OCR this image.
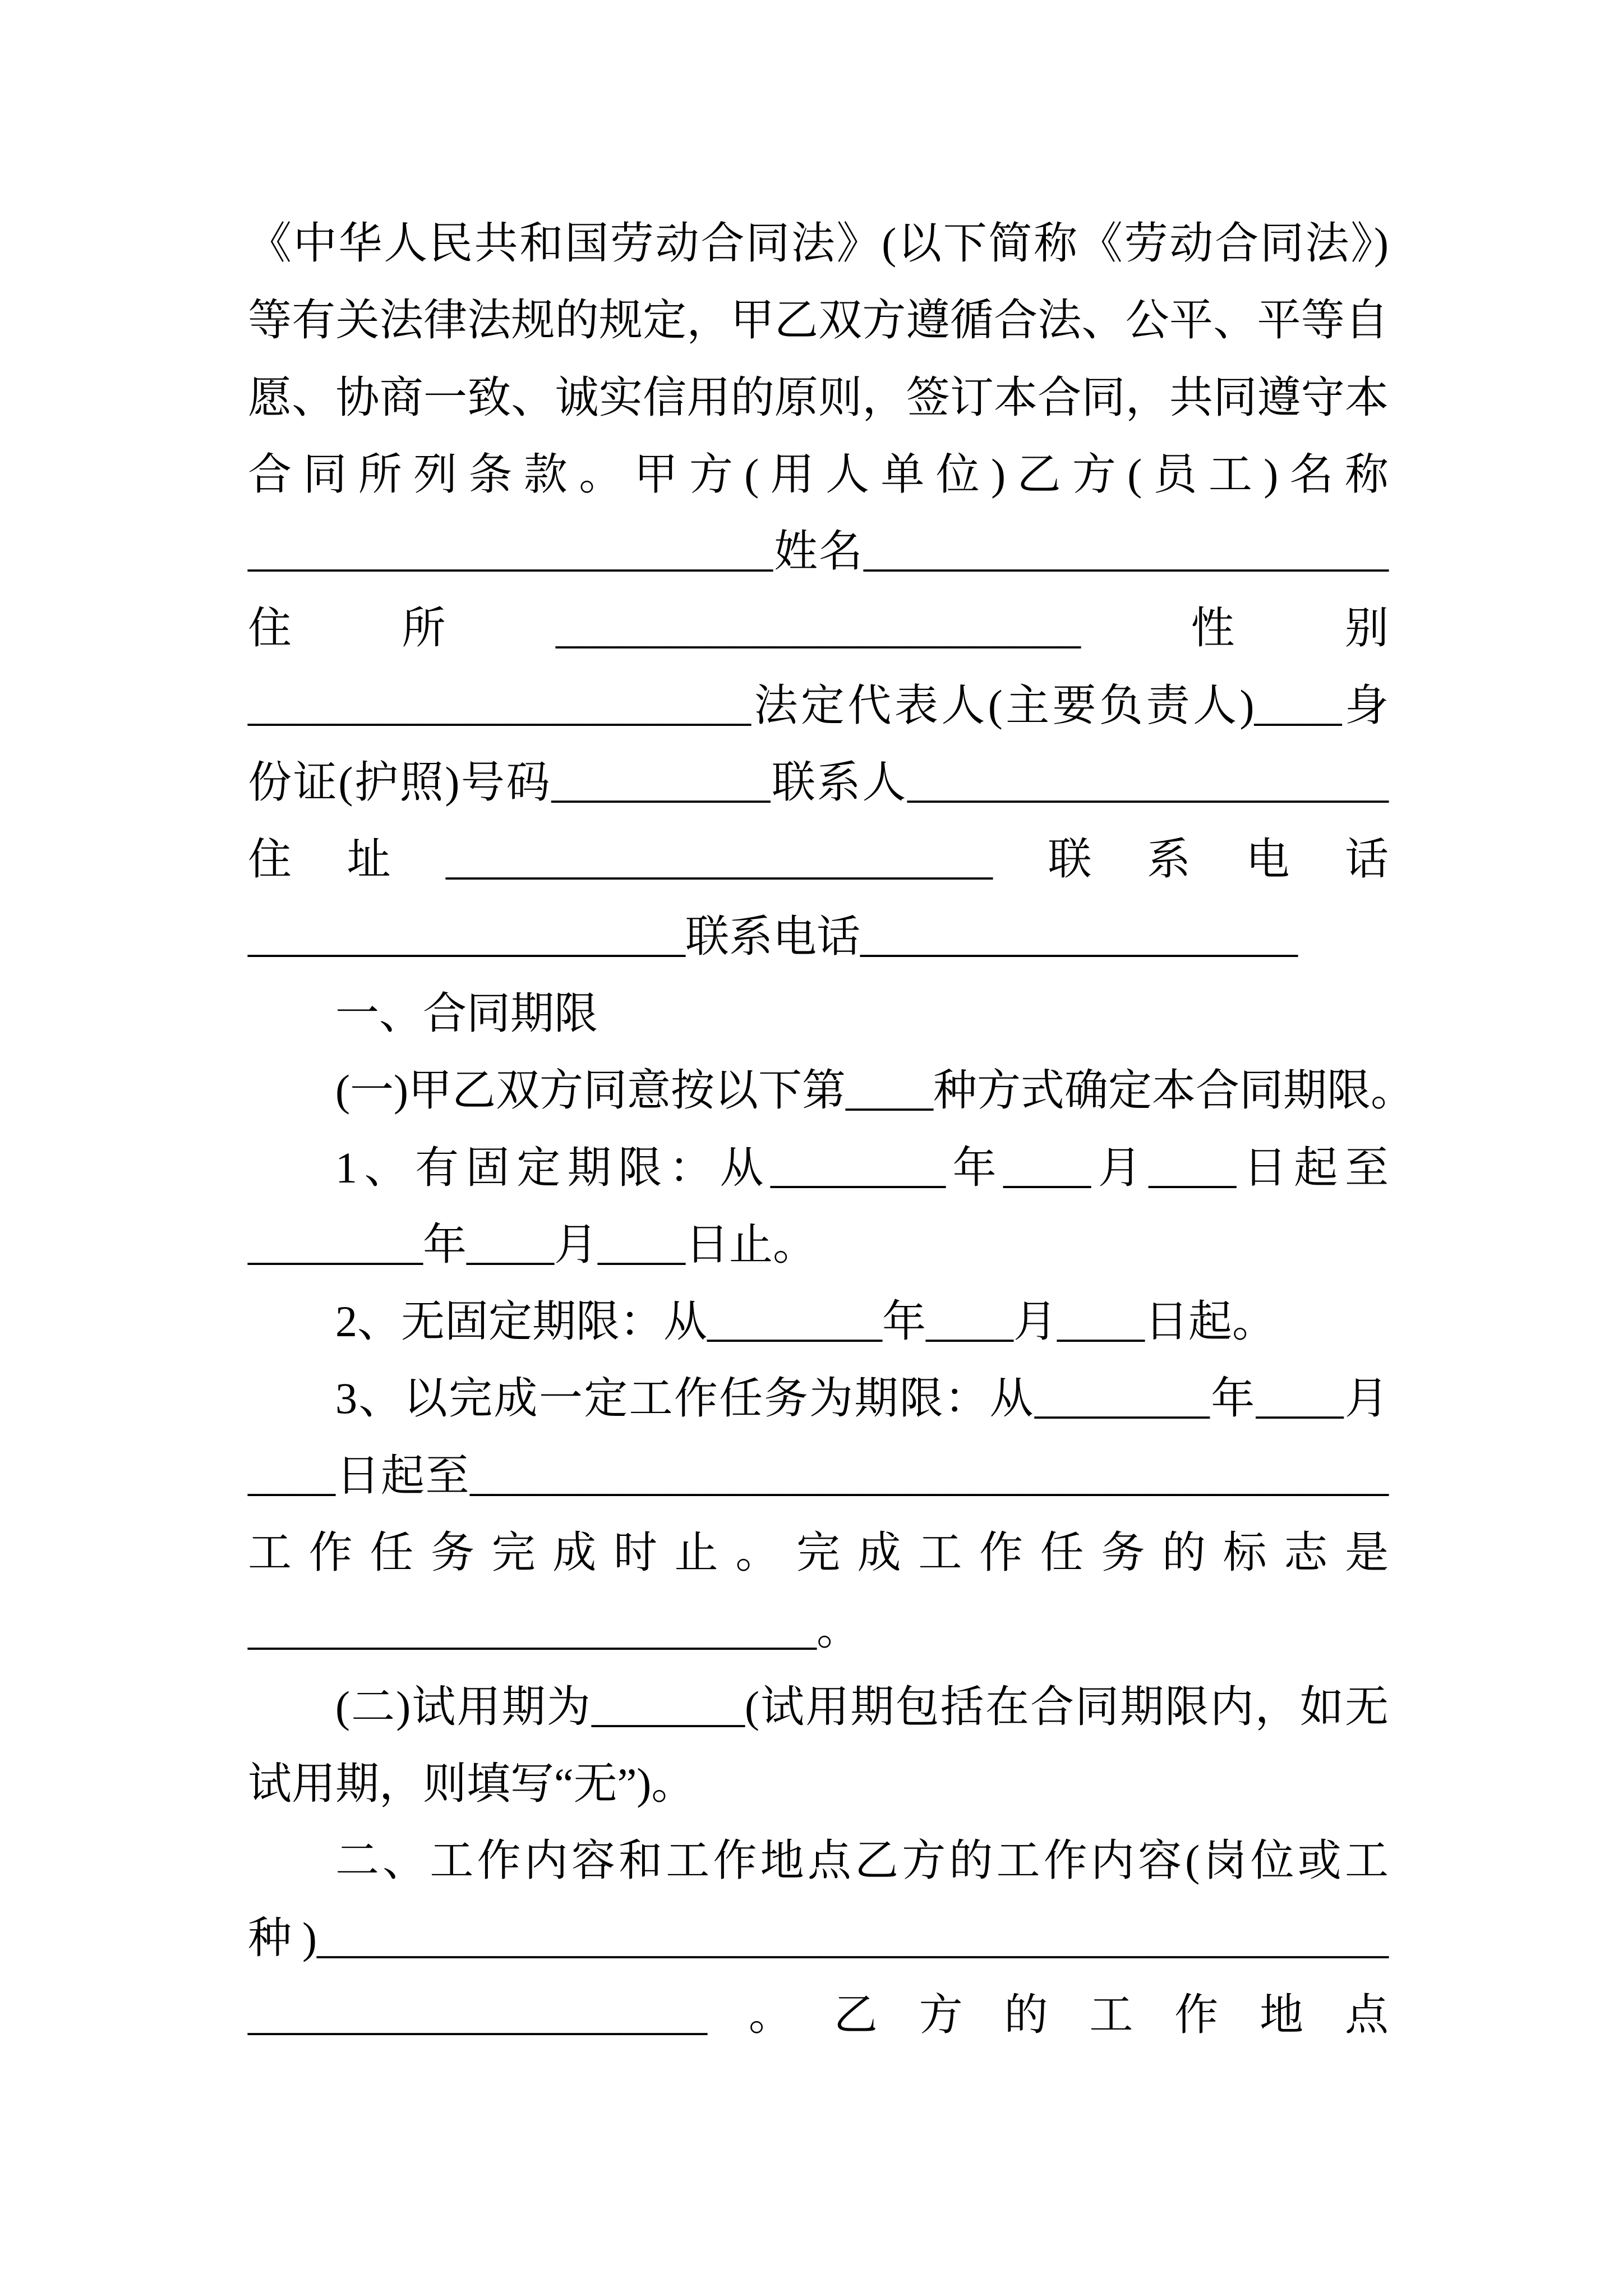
《中华人民共和国劳动合同法》(以下简称《劳动合同法》)
等有关法律法规的规定，甲乙双方遵循合法、公平、平等自
愿、协商一致、诚实信用的原则，签订本合同，共同遵守本
合同所列条款。甲方(用人单位)乙方(员工)名称
________________________姓名________________________
住所________________________性别
_______________________法定代表人(主要负责人)____身
份证(护照)号码__________联系人______________________
住址_________________________联系电话
____________________联系电话____________________
一、合同期限
(一)甲乙双方同意按以下第____种方式确定本合同期限。
1、有固定期限：从________年____月____日起至
________年____月____日止。
2、无固定期限：从________年____月____日起。
3、以完成一定工作任务为期限：从________年____月
____日起至__________________________________________
工作任务完成时止。完成工作任务的标志是
__________________________。
(二)试用期为_______(试用期包括在合同期限内，如无
试用期，则填写“无”)。
二、工作内容和工作地点乙方的工作内容(岗位或工
种)_________________________________________________
_____________________。乙方的工作地点
